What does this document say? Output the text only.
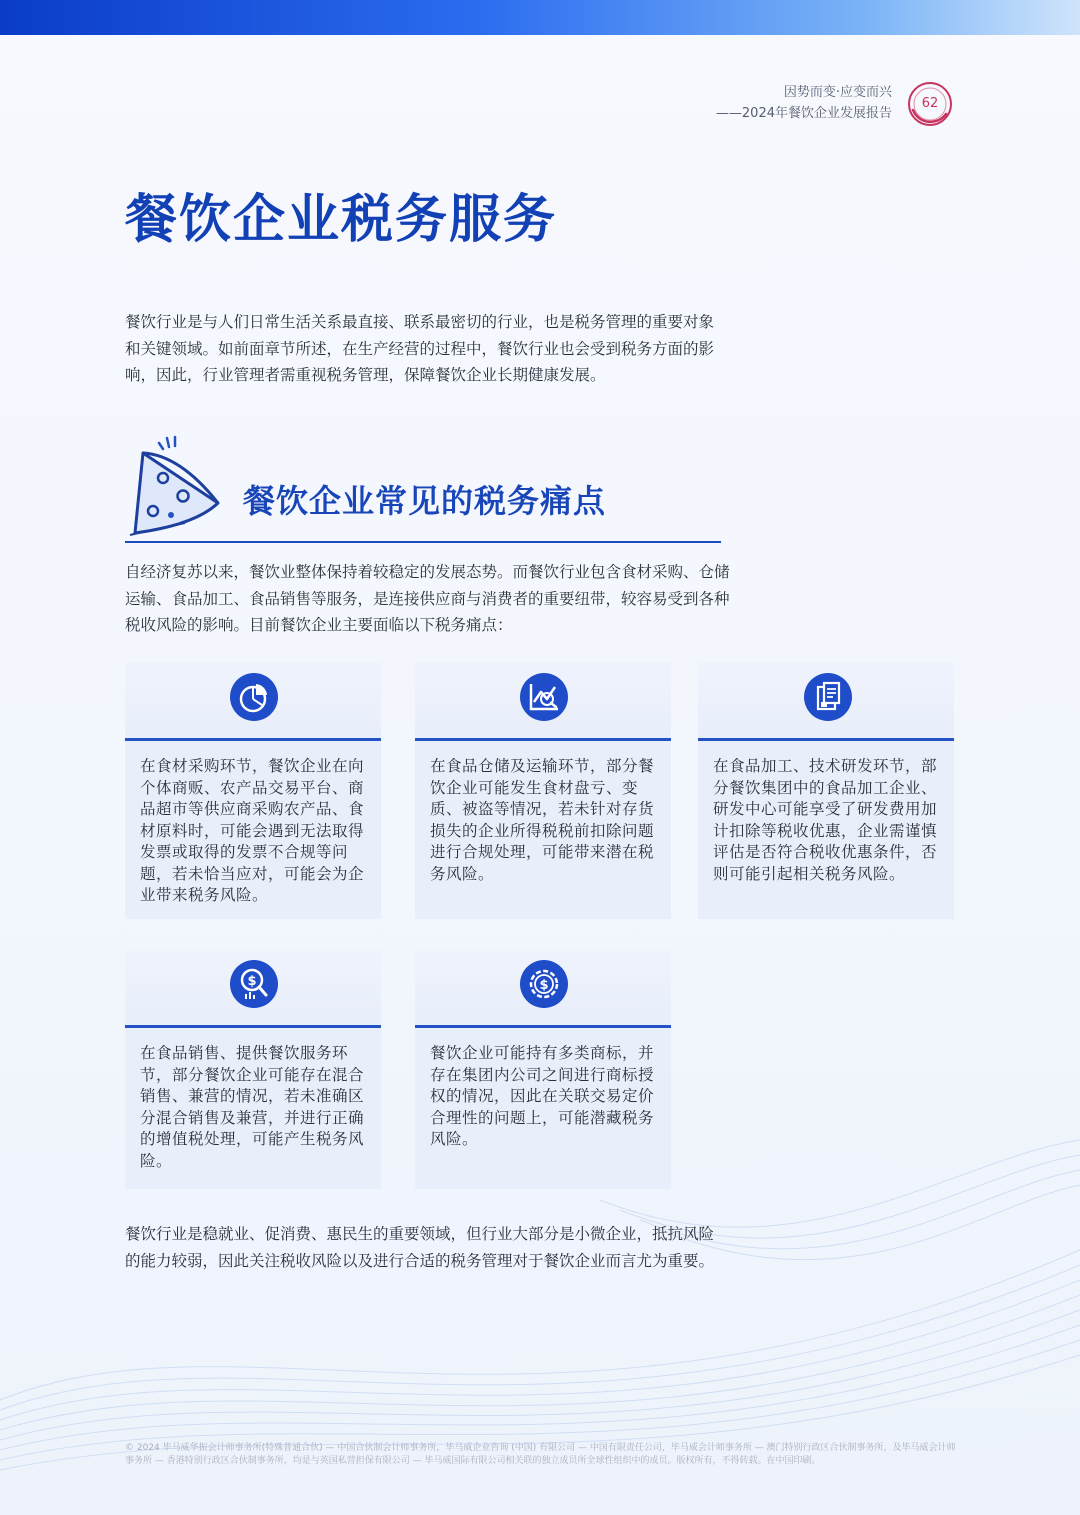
因势而变·应变而兴
——2024年餐饮企业发展报告
62
餐饮企业税务服务

餐饮行业是与人们日常生活关系最直接、联系最密切的行业，也是税务管理的重要对象和关键领域。如前面章节所述，在生产经营的过程中，餐饮行业也会受到税务方面的影响，因此，行业管理者需重视税务管理，保障餐饮企业长期健康发展。

餐饮企业常见的税务痛点

自经济复苏以来，餐饮业整体保持着较稳定的发展态势。而餐饮行业包含食材采购、仓储运输、食品加工、食品销售等服务，是连接供应商与消费者的重要纽带，较容易受到各种税收风险的影响。目前餐饮企业主要面临以下税务痛点：

在食材采购环节，餐饮企业在向个体商贩、农产品交易平台、商品超市等供应商采购农产品、食材原料时，可能会遇到无法取得发票或取得的发票不合规等问题，若未恰当应对，可能会为企业带来税务风险。

在食品仓储及运输环节，部分餐饮企业可能发生食材盘亏、变质、被盗等情况，若未针对存货损失的企业所得税税前扣除问题进行合规处理，可能带来潜在税务风险。

在食品加工、技术研发环节，部分餐饮集团中的食品加工企业、研发中心可能享受了研发费用加计扣除等税收优惠，企业需谨慎评估是否符合税收优惠条件，否则可能引起相关税务风险。

$

在食品销售、提供餐饮服务环节，部分餐饮企业可能存在混合销售、兼营的情况，若未准确区分混合销售及兼营，并进行正确的增值税处理，可能产生税务风险。

$

餐饮企业可能持有多类商标，并存在集团内公司之间进行商标授权的情况，因此在关联交易定价合理性的问题上，可能潜藏税务风险。

餐饮行业是稳就业、促消费、惠民生的重要领域，但行业大部分是小微企业，抵抗风险的能力较弱，因此关注税收风险以及进行合适的税务管理对于餐饮企业而言尤为重要。

© 2024 毕马威华振会计师事务所(特殊普通合伙) — 中国合伙制会计师事务所，毕马威企业咨询 (中国) 有限公司 — 中国有限责任公司，毕马威会计师事务所 — 澳门特别行政区合伙制事务所，及毕马威会计师事务所 — 香港特别行政区合伙制事务所，均是与英国私营担保有限公司 — 毕马威国际有限公司相关联的独立成员所全球性组织中的成员。版权所有，不得转载。在中国印刷。
